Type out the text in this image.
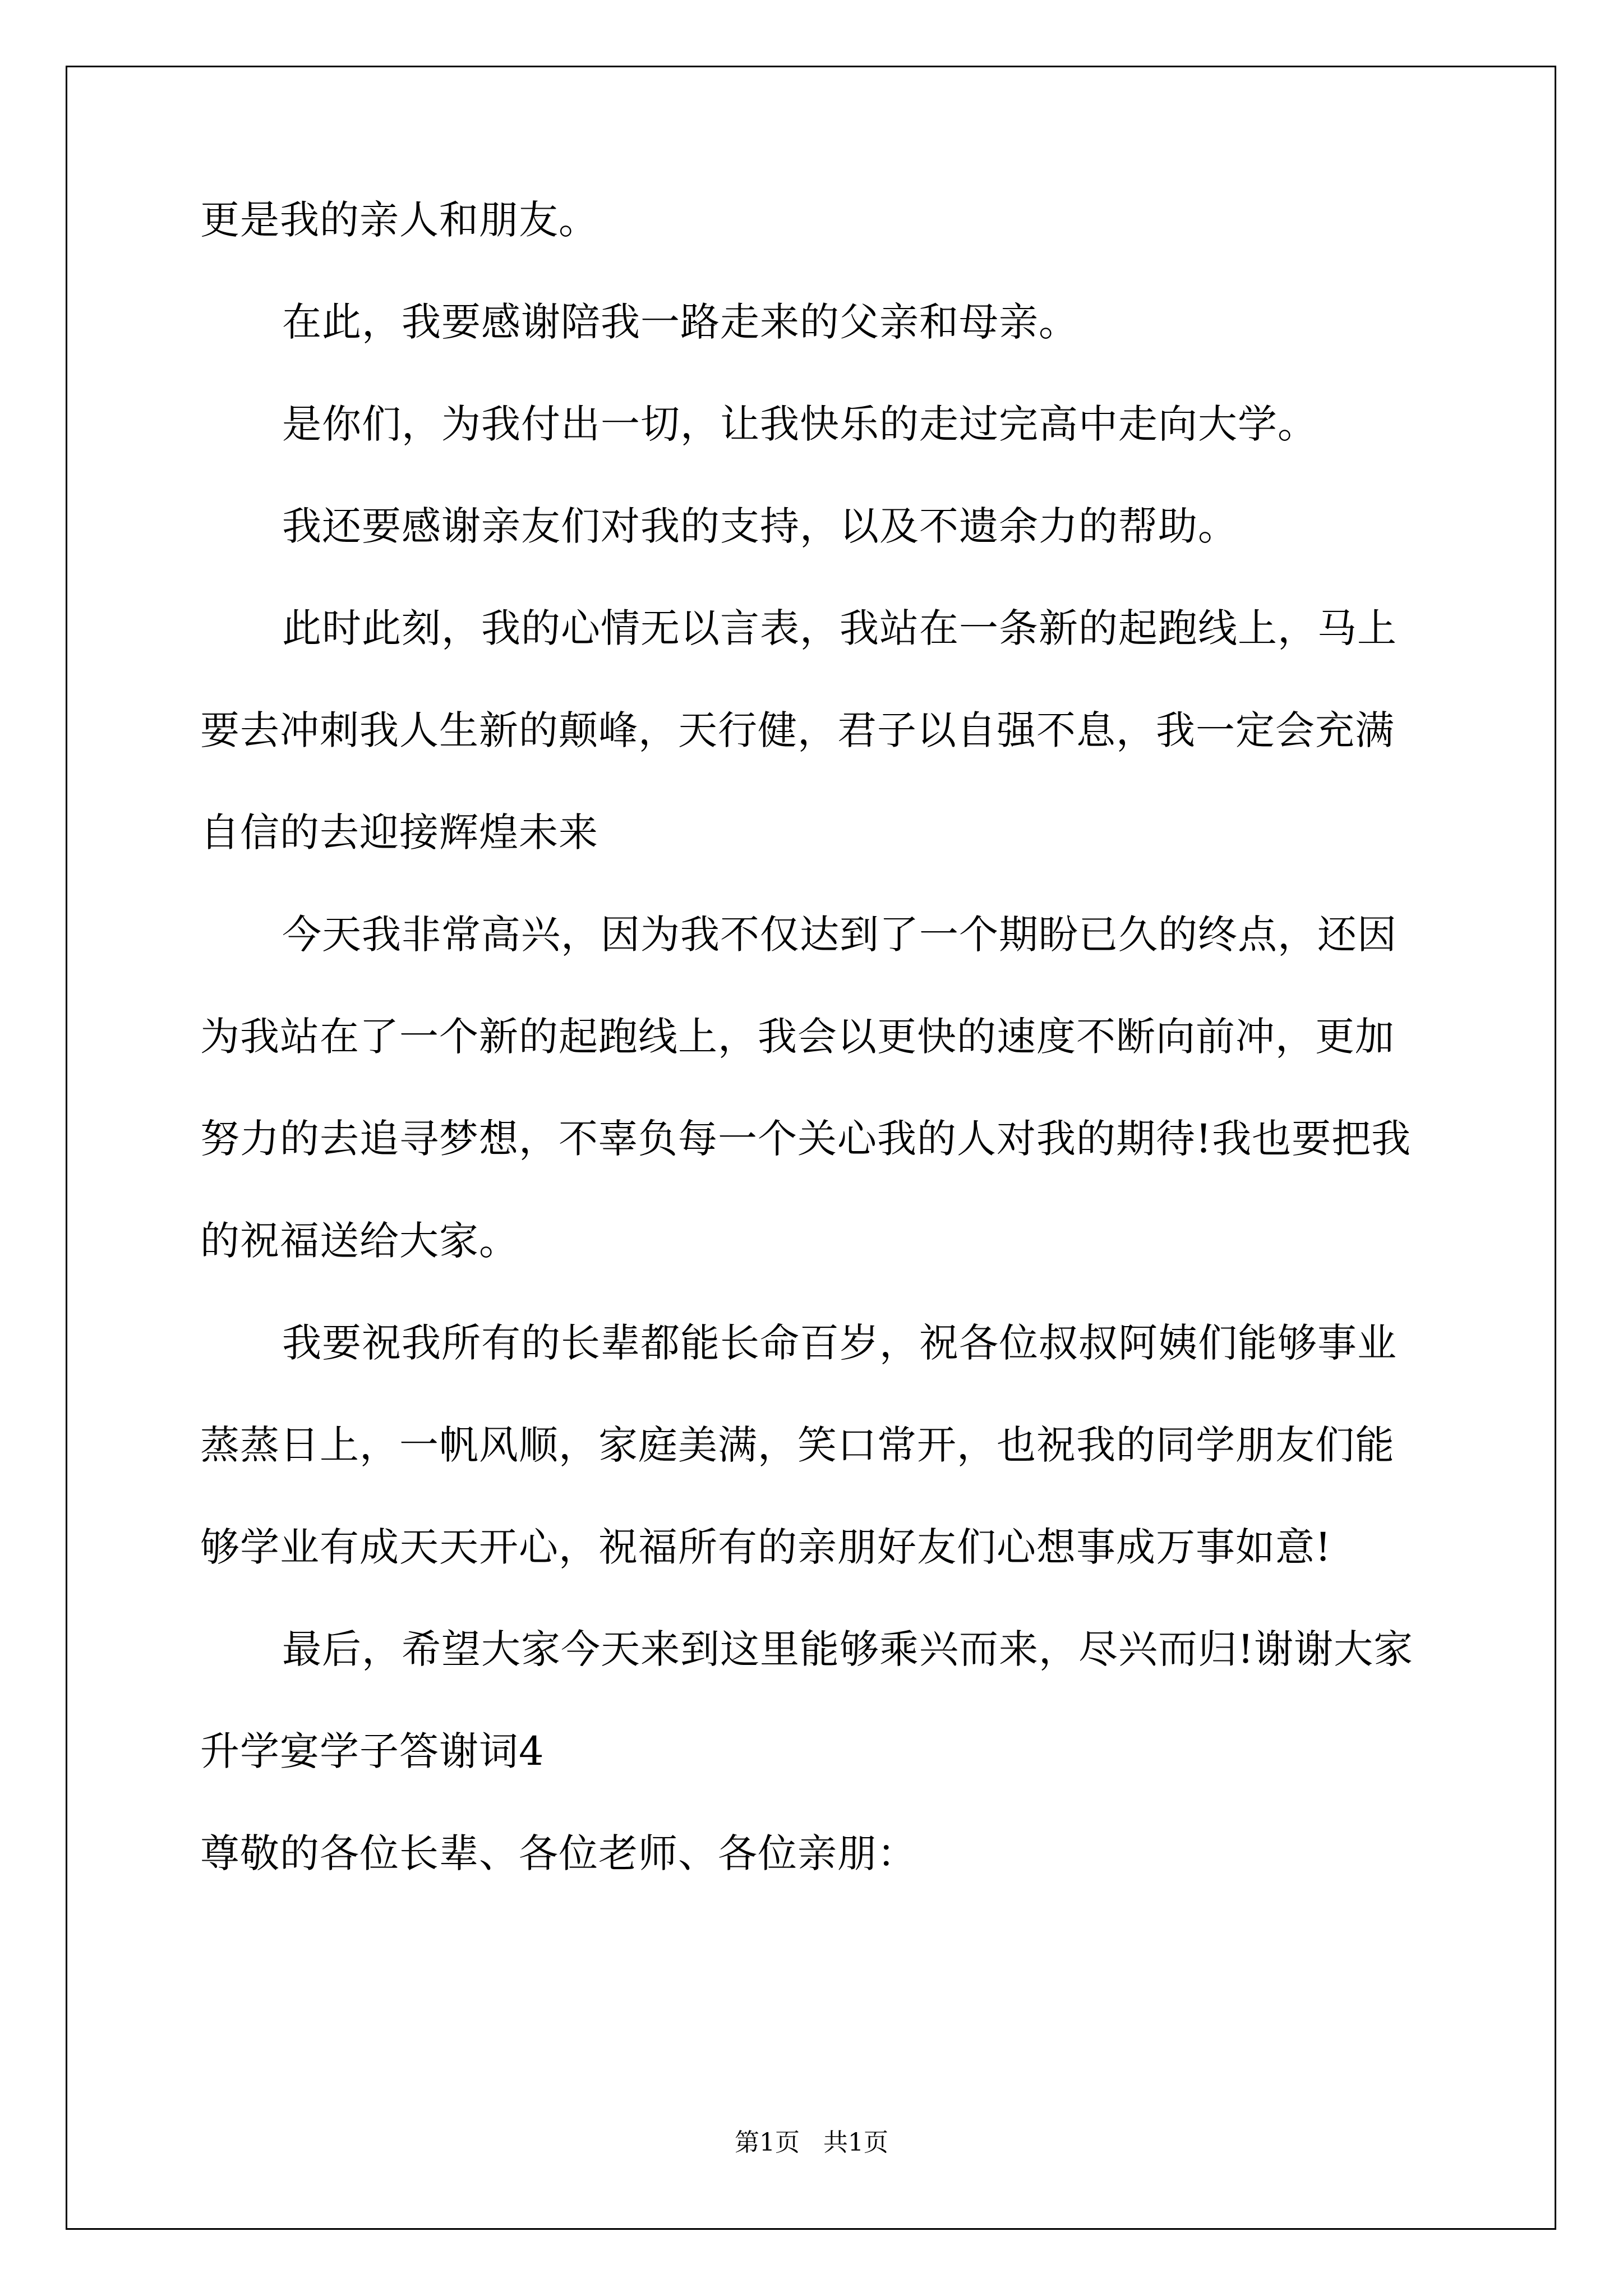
更是我的亲人和朋友。
在此，我要感谢陪我一路走来的父亲和母亲。
是你们，为我付出一切，让我快乐的走过完高中走向大学。
我还要感谢亲友们对我的支持，以及不遗余力的帮助。
此时此刻，我的心情无以言表，我站在一条新的起跑线上，马上
要去冲刺我人生新的颠峰，天行健，君子以自强不息，我一定会充满
自信的去迎接辉煌未来
今天我非常高兴，因为我不仅达到了一个期盼已久的终点，还因
为我站在了一个新的起跑线上，我会以更快的速度不断向前冲，更加
努力的去追寻梦想，不辜负每一个关心我的人对我的期待!我也要把我
的祝福送给大家。
我要祝我所有的长辈都能长命百岁，祝各位叔叔阿姨们能够事业
蒸蒸日上，一帆风顺，家庭美满，笑口常开，也祝我的同学朋友们能
够学业有成天天开心，祝福所有的亲朋好友们心想事成万事如意!
最后，希望大家今天来到这里能够乘兴而来，尽兴而归!谢谢大家
升学宴学子答谢词4
尊敬的各位长辈、各位老师、各位亲朋：
第1页   共1页
